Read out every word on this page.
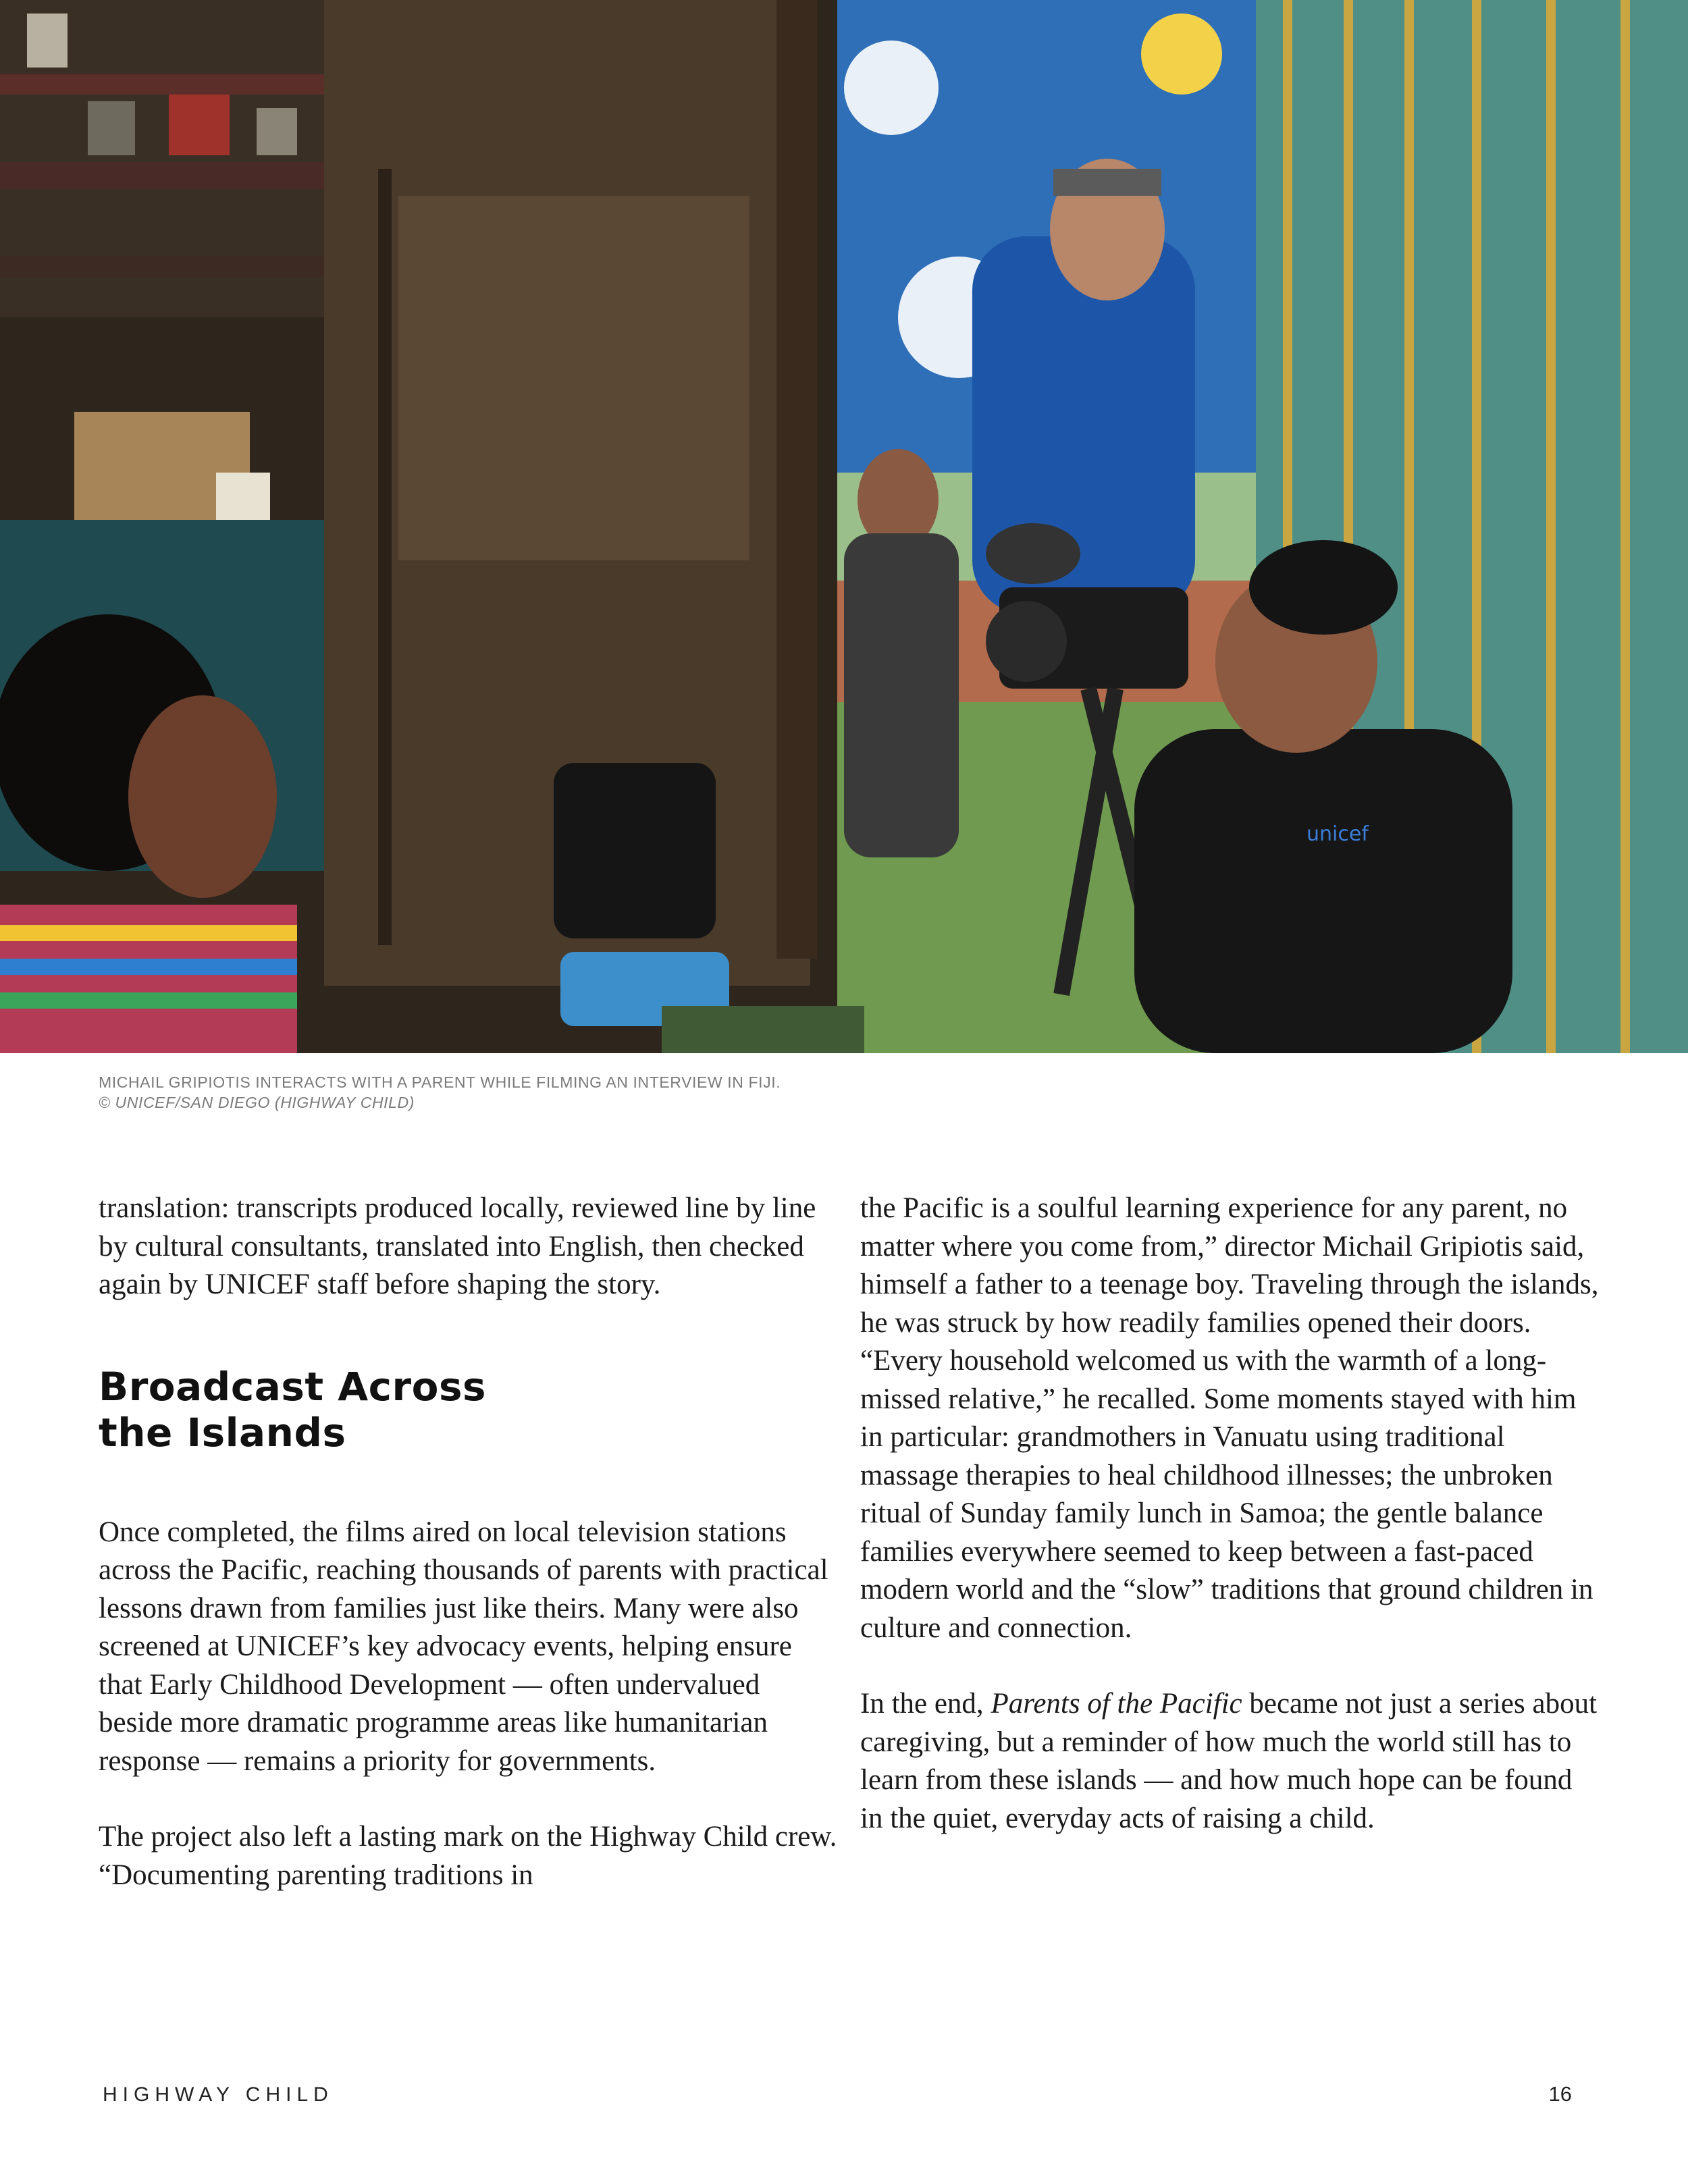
unicef
MICHAIL GRIPIOTIS INTERACTS WITH A PARENT WHILE FILMING AN INTERVIEW IN FIJI.
© UNICEF/SAN DIEGO (HIGHWAY CHILD)

translation: transcripts produced locally, reviewed line by line by cultural consultants, translated into English, then checked again by UNICEF staff before shaping the story.

Broadcast Across
the Islands

Once completed, the films aired on local television stations across the Pacific, reaching thousands of parents with practical lessons drawn from families just like theirs. Many were also screened at UNICEF’s key advocacy events, helping ensure that Early Childhood Development — often undervalued beside more dramatic programme areas like humanitarian response — remains a priority for governments.

The project also left a lasting mark on the Highway Child crew. “Documenting parenting traditions in

the Pacific is a soulful learning experience for any parent, no matter where you come from,” director Michail Gripiotis said, himself a father to a teenage boy. Traveling through the islands, he was struck by how readily families opened their doors. “Every household welcomed us with the warmth of a long-missed relative,” he recalled. Some moments stayed with him in particular: grandmothers in Vanuatu using traditional massage therapies to heal childhood illnesses; the unbroken ritual of Sunday family lunch in Samoa; the gentle balance families everywhere seemed to keep between a fast-paced modern world and the “slow” traditions that ground children in culture and connection.

In the end, Parents of the Pacific became not just a series about caregiving, but a reminder of how much the world still has to learn from these islands — and how much hope can be found in the quiet, everyday acts of raising a child.

HIGHWAY CHILD	16
